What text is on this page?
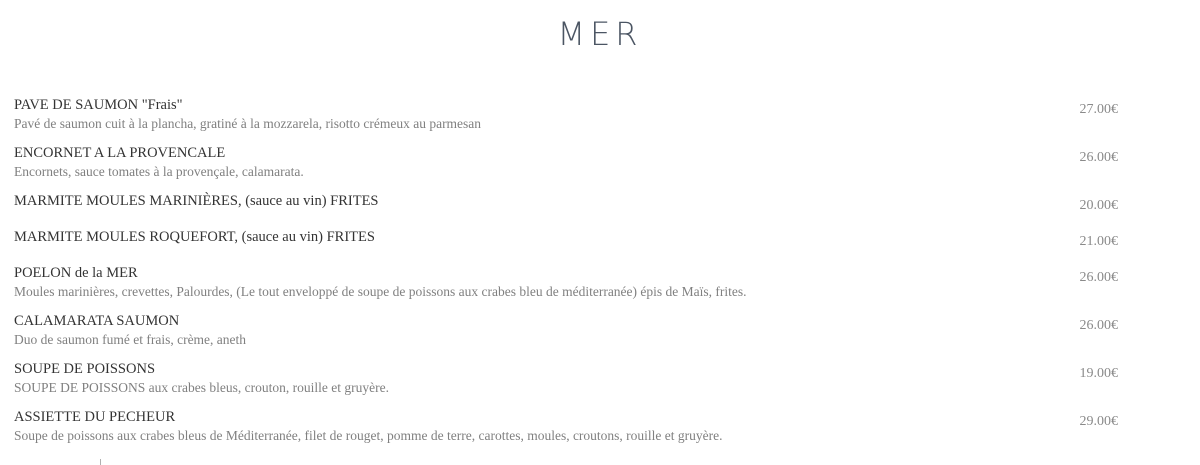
MER
PAVE DE SAUMON "Frais"
Pavé de saumon cuit à la plancha, gratiné à la mozzarela, risotto crémeux au parmesan
27.00€
ENCORNET A LA PROVENCALE
Encornets, sauce tomates à la provençale, calamarata.
26.00€
MARMITE MOULES MARINIÈRES, (sauce au vin) FRITES	20.00€
MARMITE MOULES ROQUEFORT, (sauce au vin) FRITES	21.00€
POELON de la MER
Moules marinières, crevettes, Palourdes, (Le tout enveloppé de soupe de poissons aux crabes bleu de méditerranée) épis de Maïs, frites.
26.00€
CALAMARATA SAUMON
Duo de saumon fumé et frais, crème, aneth
26.00€
SOUPE DE POISSONS
SOUPE DE POISSONS aux crabes bleus, crouton, rouille et gruyère.
19.00€
ASSIETTE DU PECHEUR
Soupe de poissons aux crabes bleus de Méditerranée, filet de rouget, pomme de terre, carottes, moules, croutons, rouille et gruyère.
29.00€
